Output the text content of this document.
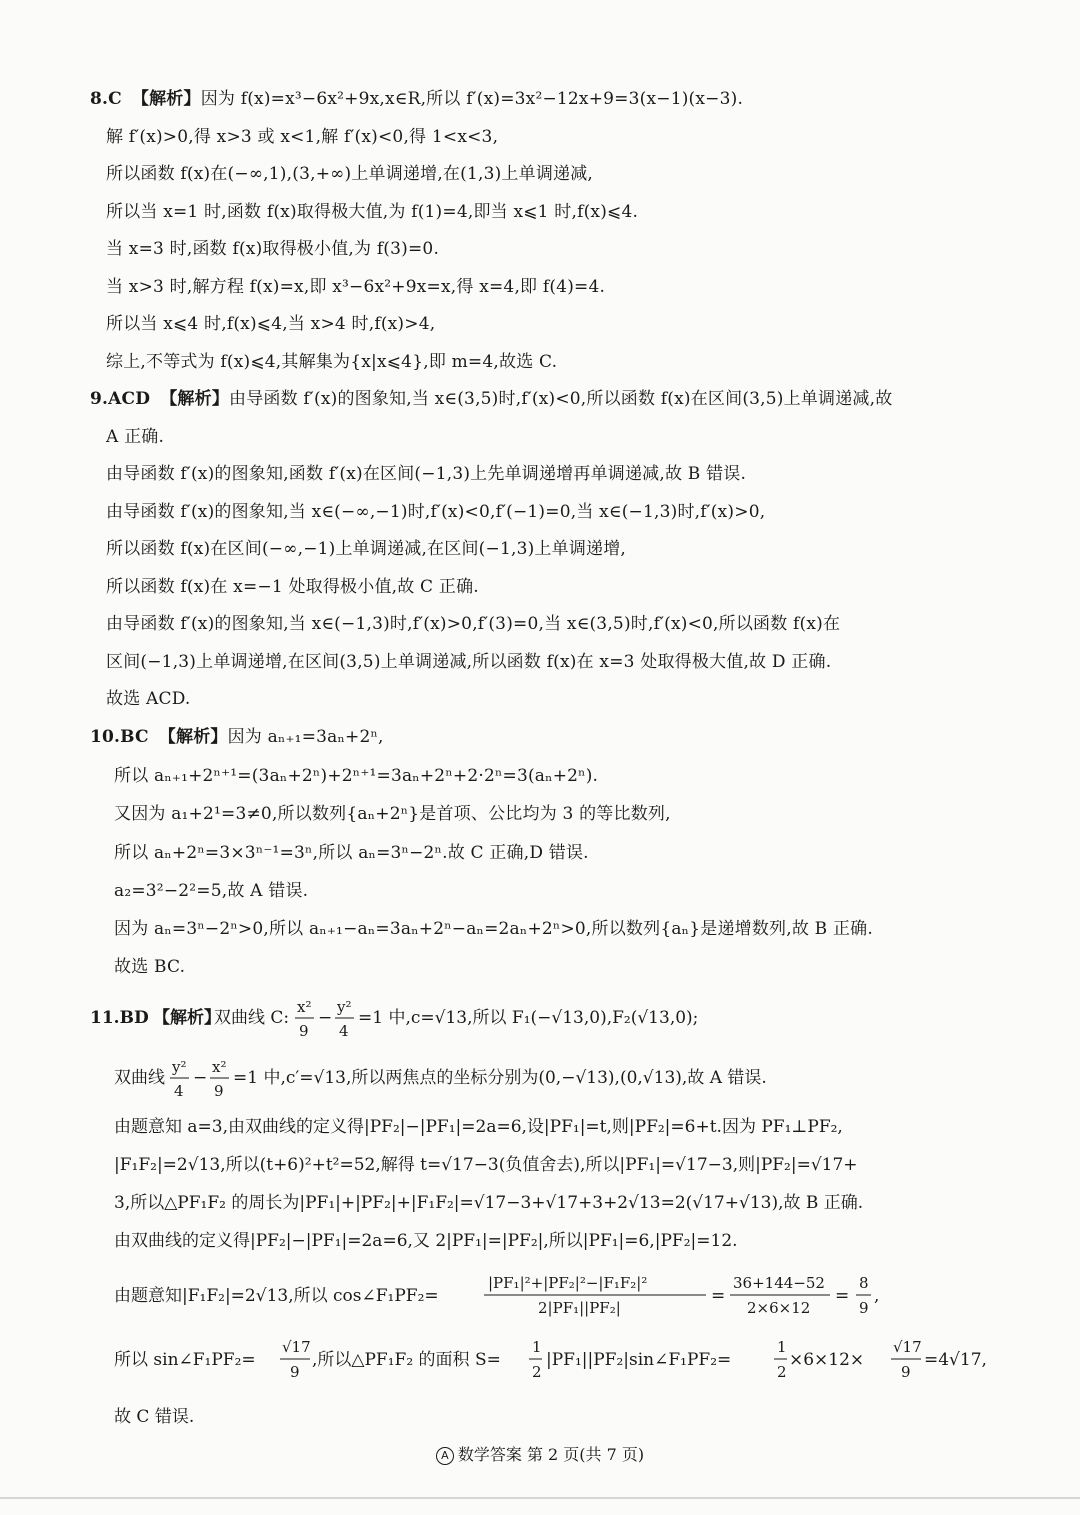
8.C 【解析】因为 f(x)=x³−6x²+9x,x∈R,所以 f′(x)=3x²−12x+9=3(x−1)(x−3).
解 f′(x)>0,得 x>3 或 x<1,解 f′(x)<0,得 1<x<3,
所以函数 f(x)在(−∞,1),(3,+∞)上单调递增,在(1,3)上单调递减,
所以当 x=1 时,函数 f(x)取得极大值,为 f(1)=4,即当 x⩽1 时,f(x)⩽4.
当 x=3 时,函数 f(x)取得极小值,为 f(3)=0.
当 x>3 时,解方程 f(x)=x,即 x³−6x²+9x=x,得 x=4,即 f(4)=4.
所以当 x⩽4 时,f(x)⩽4,当 x>4 时,f(x)>4,
综上,不等式为 f(x)⩽4,其解集为{x|x⩽4},即 m=4,故选 C.
9.ACD 【解析】由导函数 f′(x)的图象知,当 x∈(3,5)时,f′(x)<0,所以函数 f(x)在区间(3,5)上单调递减,故
A 正确.
由导函数 f′(x)的图象知,函数 f′(x)在区间(−1,3)上先单调递增再单调递减,故 B 错误.
由导函数 f′(x)的图象知,当 x∈(−∞,−1)时,f′(x)<0,f′(−1)=0,当 x∈(−1,3)时,f′(x)>0,
所以函数 f(x)在区间(−∞,−1)上单调递减,在区间(−1,3)上单调递增,
所以函数 f(x)在 x=−1 处取得极小值,故 C 正确.
由导函数 f′(x)的图象知,当 x∈(−1,3)时,f′(x)>0,f′(3)=0,当 x∈(3,5)时,f′(x)<0,所以函数 f(x)在
区间(−1,3)上单调递增,在区间(3,5)上单调递减,所以函数 f(x)在 x=3 处取得极大值,故 D 正确.
故选 ACD.
10.BC 【解析】因为 aₙ₊₁=3aₙ+2ⁿ,
所以 aₙ₊₁+2ⁿ⁺¹=(3aₙ+2ⁿ)+2ⁿ⁺¹=3aₙ+2ⁿ+2·2ⁿ=3(aₙ+2ⁿ).
又因为 a₁+2¹=3≠0,所以数列{aₙ+2ⁿ}是首项、公比均为 3 的等比数列,
所以 aₙ+2ⁿ=3×3ⁿ⁻¹=3ⁿ,所以 aₙ=3ⁿ−2ⁿ.故 C 正确,D 错误.
a₂=3²−2²=5,故 A 错误.
因为 aₙ=3ⁿ−2ⁿ>0,所以 aₙ₊₁−aₙ=3aₙ+2ⁿ−aₙ=2aₙ+2ⁿ>0,所以数列{aₙ}是递增数列,故 B 正确.
故选 BC.
11.BD 【解析】
双曲线 C:
x²
9
−
y²
4
=1 中,c=√13,所以 F₁(−√13,0),F₂(√13,0);
双曲线
y²
4
−
x²
9
=1 中,c′=√13,所以两焦点的坐标分别为(0,−√13),(0,√13),故 A 错误.
由题意知 a=3,由双曲线的定义得|PF₂|−|PF₁|=2a=6,设|PF₁|=t,则|PF₂|=6+t.因为 PF₁⊥PF₂,
|F₁F₂|=2√13,所以(t+6)²+t²=52,解得 t=√17−3(负值舍去),所以|PF₁|=√17−3,则|PF₂|=√17+
3,所以△PF₁F₂ 的周长为|PF₁|+|PF₂|+|F₁F₂|=√17−3+√17+3+2√13=2(√17+√13),故 B 正确.
由双曲线的定义得|PF₂|−|PF₁|=2a=6,又 2|PF₁|=|PF₂|,所以|PF₁|=6,|PF₂|=12.
由题意知|F₁F₂|=2√13,所以 cos∠F₁PF₂=
|PF₁|²+|PF₂|²−|F₁F₂|²
2|PF₁||PF₂|
=
36+144−52
2×6×12
=
8
9
,
所以 sin∠F₁PF₂=
√17
9
,所以△PF₁F₂ 的面积 S=
1
2
|PF₁||PF₂|sin∠F₁PF₂=
1
2
×6×12×
√17
9
=4√17,
故 C 错误.
A 数学答案 第 2 页(共 7 页)
